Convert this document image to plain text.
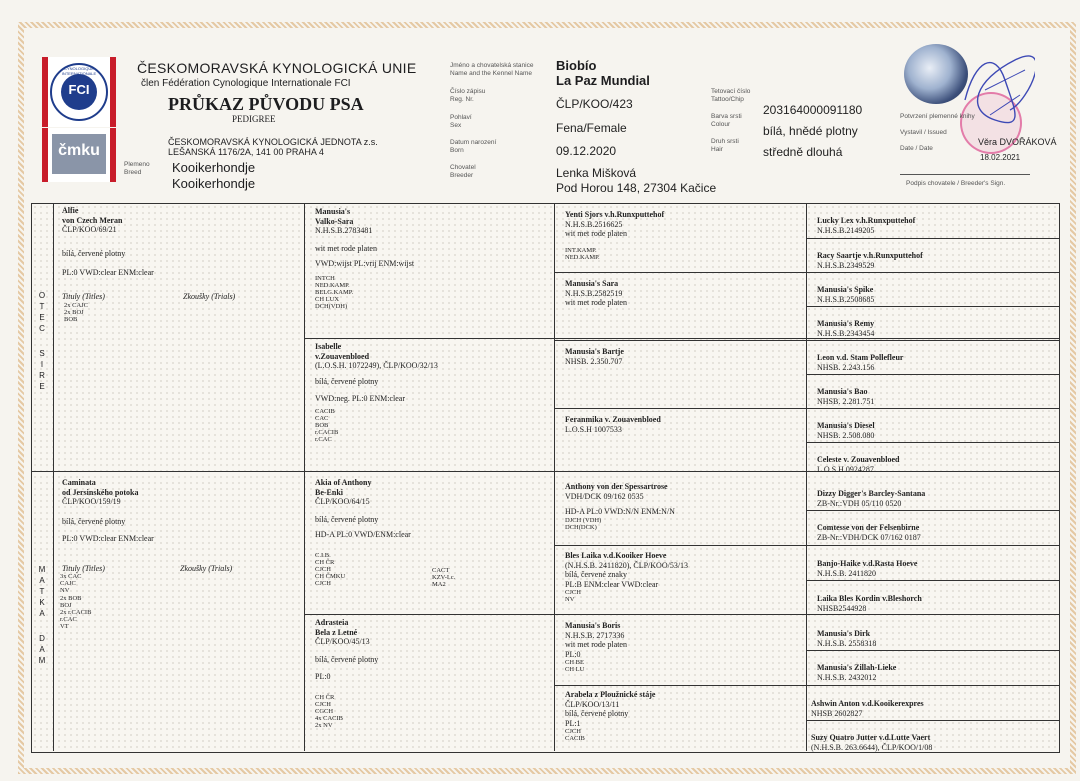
FCI
CYNOLOGIQUE INTERNATIONALE
čmku
ČESKOMORAVSKÁ KYNOLOGICKÁ UNIE
člen Fédération Cynologique Internationale FCI
PRŮKAZ PŮVODU PSA
PEDIGREE
ČESKOMORAVSKÁ KYNOLOGICKÁ JEDNOTA z.s.
LEŠANSKÁ 1176/2A, 141 00 PRAHA 4
Plemeno
Breed Kooikerhondje
Kooikerhondje
Jméno a chovatelská stanice
Name and the Kennel Name
Číslo zápisu
Reg. Nr.
Pohlaví
Sex
Datum narození
Born
Chovatel
Breeder
Biobío
La Paz Mundial
ČLP/KOO/423
Fena/Female
09.12.2020
Lenka Mišková
Pod Horou 148, 27304 Kačice
Tetovací číslo
Tattoo/Chip
Barva srsti
Colour
Druh srsti
Hair
203164000091180
bílá, hnědé plotny
středně dlouhá
Potvrzení plemenné knihy
Vystavil / Issued
Date / Date
Věra DVOŘÁKOVÁ
18.02.2021
Podpis chovatele / Breeder's Sign.
O
T
E
C
S
I
R
E
M
A
T
K
A
D
A
M
Alfie
von Czech Meran
ČLP/KOO/69/21
bílá, červené plotny
PL:0 VWD:clear ENM:clear
Tituly (Titles)	Zkoušky (Trials)
2x CAJC
2x BOJ
BOB
Caminata
od Jersinského potoka
ČLP/KOO/159/19
bílá, červené plotny
PL:0 VWD:clear ENM:clear
Tituly (Titles)	Zkoušky (Trials)
3x CAC
CAJC
NV
2x BOB
BOJ
2x r.CACIB
r.CAC
VT
Manusia's
Valko-Sara
N.H.S.B.2783481
wit met rode platen
VWD:wijst PL:vrij ENM:wijst
INTCH
NED.KAMP.
BELG.KAMP.
CH LUX
DCH(VDH)
Isabelle
v.Zouavenbloed
(L.O.S.H. 1072249), ČLP/KOO/32/13
bílá, červené plotny
VWD:neg. PL:0 ENM:clear
CACIB
CAC
BOB
r.CACIB
r.CAC
Akia of Anthony
Be-Enki
ČLP/KOO/64/15
bílá, červené plotny
HD-A PL:0 VWD/ENM:clear
C.I.B.
CH ČR
CJCH
CH ČMKU
CJCH
CACT
KZV-I.c.
MA2
Adrasteia
Bela z Letné
ČLP/KOO/45/13
bílá, červené plotny
PL:0
CH ČR
CJCH
CGCH
4x CACIB
2x NV
Yenti Sjors v.h.Runxputtehof
N.H.S.B.2516625
wit met rode platen
INT.KAMP.
NED.KAMP.
Manusia's Sara
N.H.S.B.2582519
wit met rode platen
Manusia's Bartje
NHSB. 2.350.707
Feranmika v. Zouavenbloed
L.O.S.H 1007533
Anthony von der Spessartrose
VDH/DCK 09/162 0535
HD-A PL:0 VWD:N/N ENM:N/N
DJCH (VDH)
DCH(DCK)
Bles Laika v.d.Kooiker Hoeve
(N.H.S.B. 2411820), ČLP/KOO/53/13
bílá, červené znaky
PL:B ENM:clear VWD:clear
CJCH
NV
Manusia's Boris
N.H.S.B. 2717336
wit met rode platen
PL:0
CH BE
CH LU
Arabela z Ploužnické stáje
ČLP/KOO/13/11
bílá, červené plotny
PL:1
CJCH
CACIB
Lucky Lex v.h.Runxputtehof
N.H.S.B.2149205
Racy Saartje v.h.Runxputtehof
N.H.S.B.2349529
Manusia's Spike
N.H.S.B.2508685
Manusia's Remy
N.H.S.B.2343454
Leon v.d. Stam Pollefleur
NHSB. 2.243.156
Manusia's Bao
NHSB. 2.281.751
Manusia's Diesel
NHSB. 2.508.080
Celeste v. Zouavenbloed
L.O.S.H 0924287
Dizzy Digger's Barcley-Santana
ZB-Nr.:VDH 05/110 0520
Comtesse von der Felsenbirne
ZB-Nr.:VDH/DCK 07/162 0187
Banjo-Haike v.d.Rasta Hoeve
N.H.S.B. 2411820
Laika Bles Kordin v.Bleshorch
NHSB2544928
Manusia's Dirk
N.H.S.B. 2558318
Manusia's Zillah-Lieke
N.H.S.B. 2432012
Ashwin Anton v.d.Kooikerexpres
NHSB 2602827
Suzy Quatro Jutter v.d.Lutte Vaert
(N.H.S.B. 263.6644), ČLP/KOO/1/08
